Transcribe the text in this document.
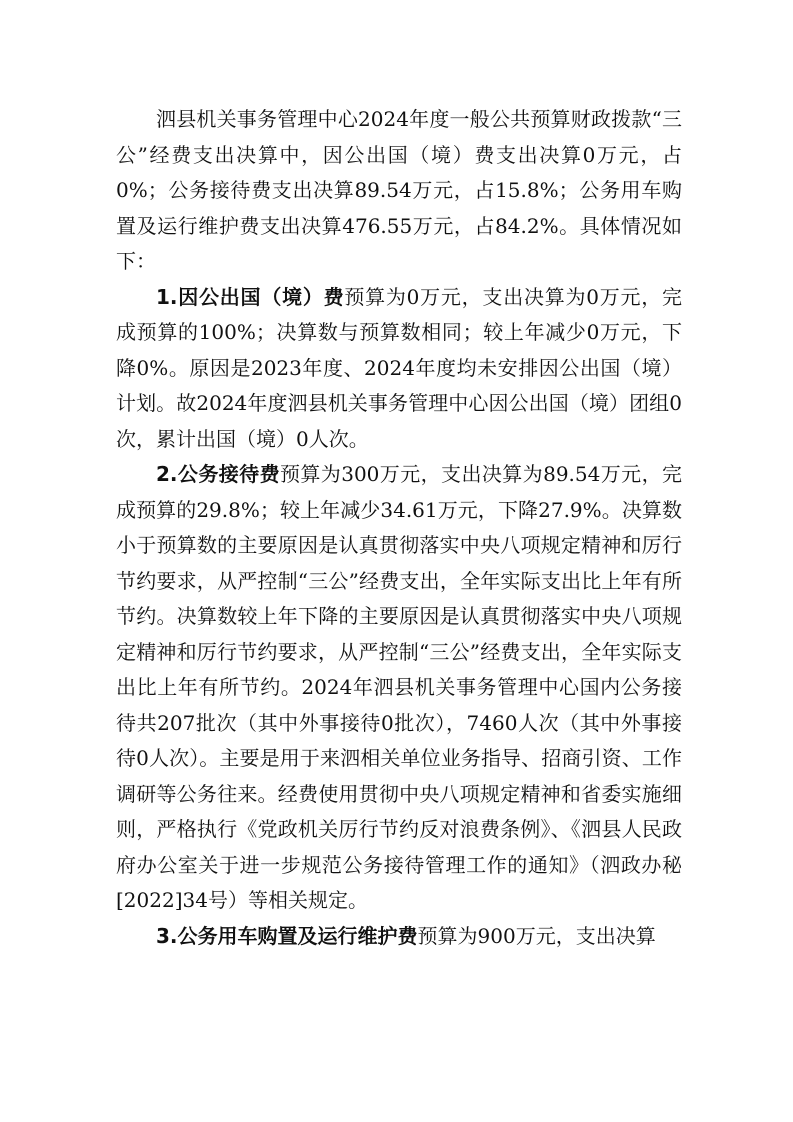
泗县机关事务管理中心2024年度一般公共预算财政拨款“三公”经费支出决算中，因公出国（境）费支出决算0万元，占0%；公务接待费支出决算89.54万元，占15.8%；公务用车购置及运行维护费支出决算476.55万元，占84.2%。具体情况如下：

1.因公出国（境）费预算为0万元，支出决算为0万元，完成预算的100%；决算数与预算数相同；较上年减少0万元，下降0%。原因是2023年度、2024年度均未安排因公出国（境）计划。故2024年度泗县机关事务管理中心因公出国（境）团组0次，累计出国（境）0人次。

2.公务接待费预算为300万元，支出决算为89.54万元，完成预算的29.8%；较上年减少34.61万元，下降27.9%。决算数小于预算数的主要原因是认真贯彻落实中央八项规定精神和厉行节约要求，从严控制“三公”经费支出，全年实际支出比上年有所节约。决算数较上年下降的主要原因是认真贯彻落实中央八项规定精神和厉行节约要求，从严控制“三公”经费支出，全年实际支出比上年有所节约。2024年泗县机关事务管理中心国内公务接待共207批次（其中外事接待0批次），7460人次（其中外事接待0人次）。主要是用于来泗相关单位业务指导、招商引资、工作调研等公务往来。经费使用贯彻中央八项规定精神和省委实施细则，严格执行《党政机关厉行节约反对浪费条例》、《泗县人民政府办公室关于进一步规范公务接待管理工作的通知》（泗政办秘[2022]34号）等相关规定。

3.公务用车购置及运行维护费预算为900万元，支出决算
